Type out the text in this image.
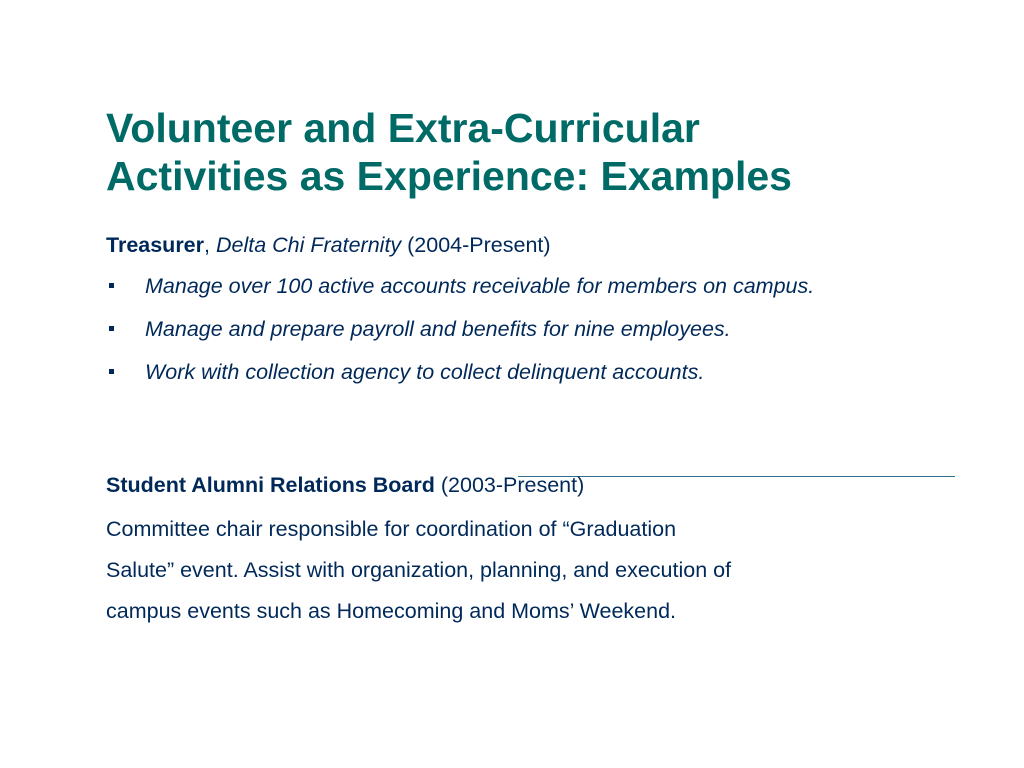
Volunteer and Extra-Curricular
Activities as Experience: Examples
Treasurer, Delta Chi Fraternity (2004-Present)
Manage over 100 active accounts receivable for members on campus.
Manage and prepare payroll and benefits for nine employees.
Work with collection agency to collect delinquent accounts.
Student Alumni Relations Board (2003-Present)

Committee chair responsible for coordination of “Graduation
Salute” event. Assist with organization, planning, and execution of
campus events such as Homecoming and Moms’ Weekend.
